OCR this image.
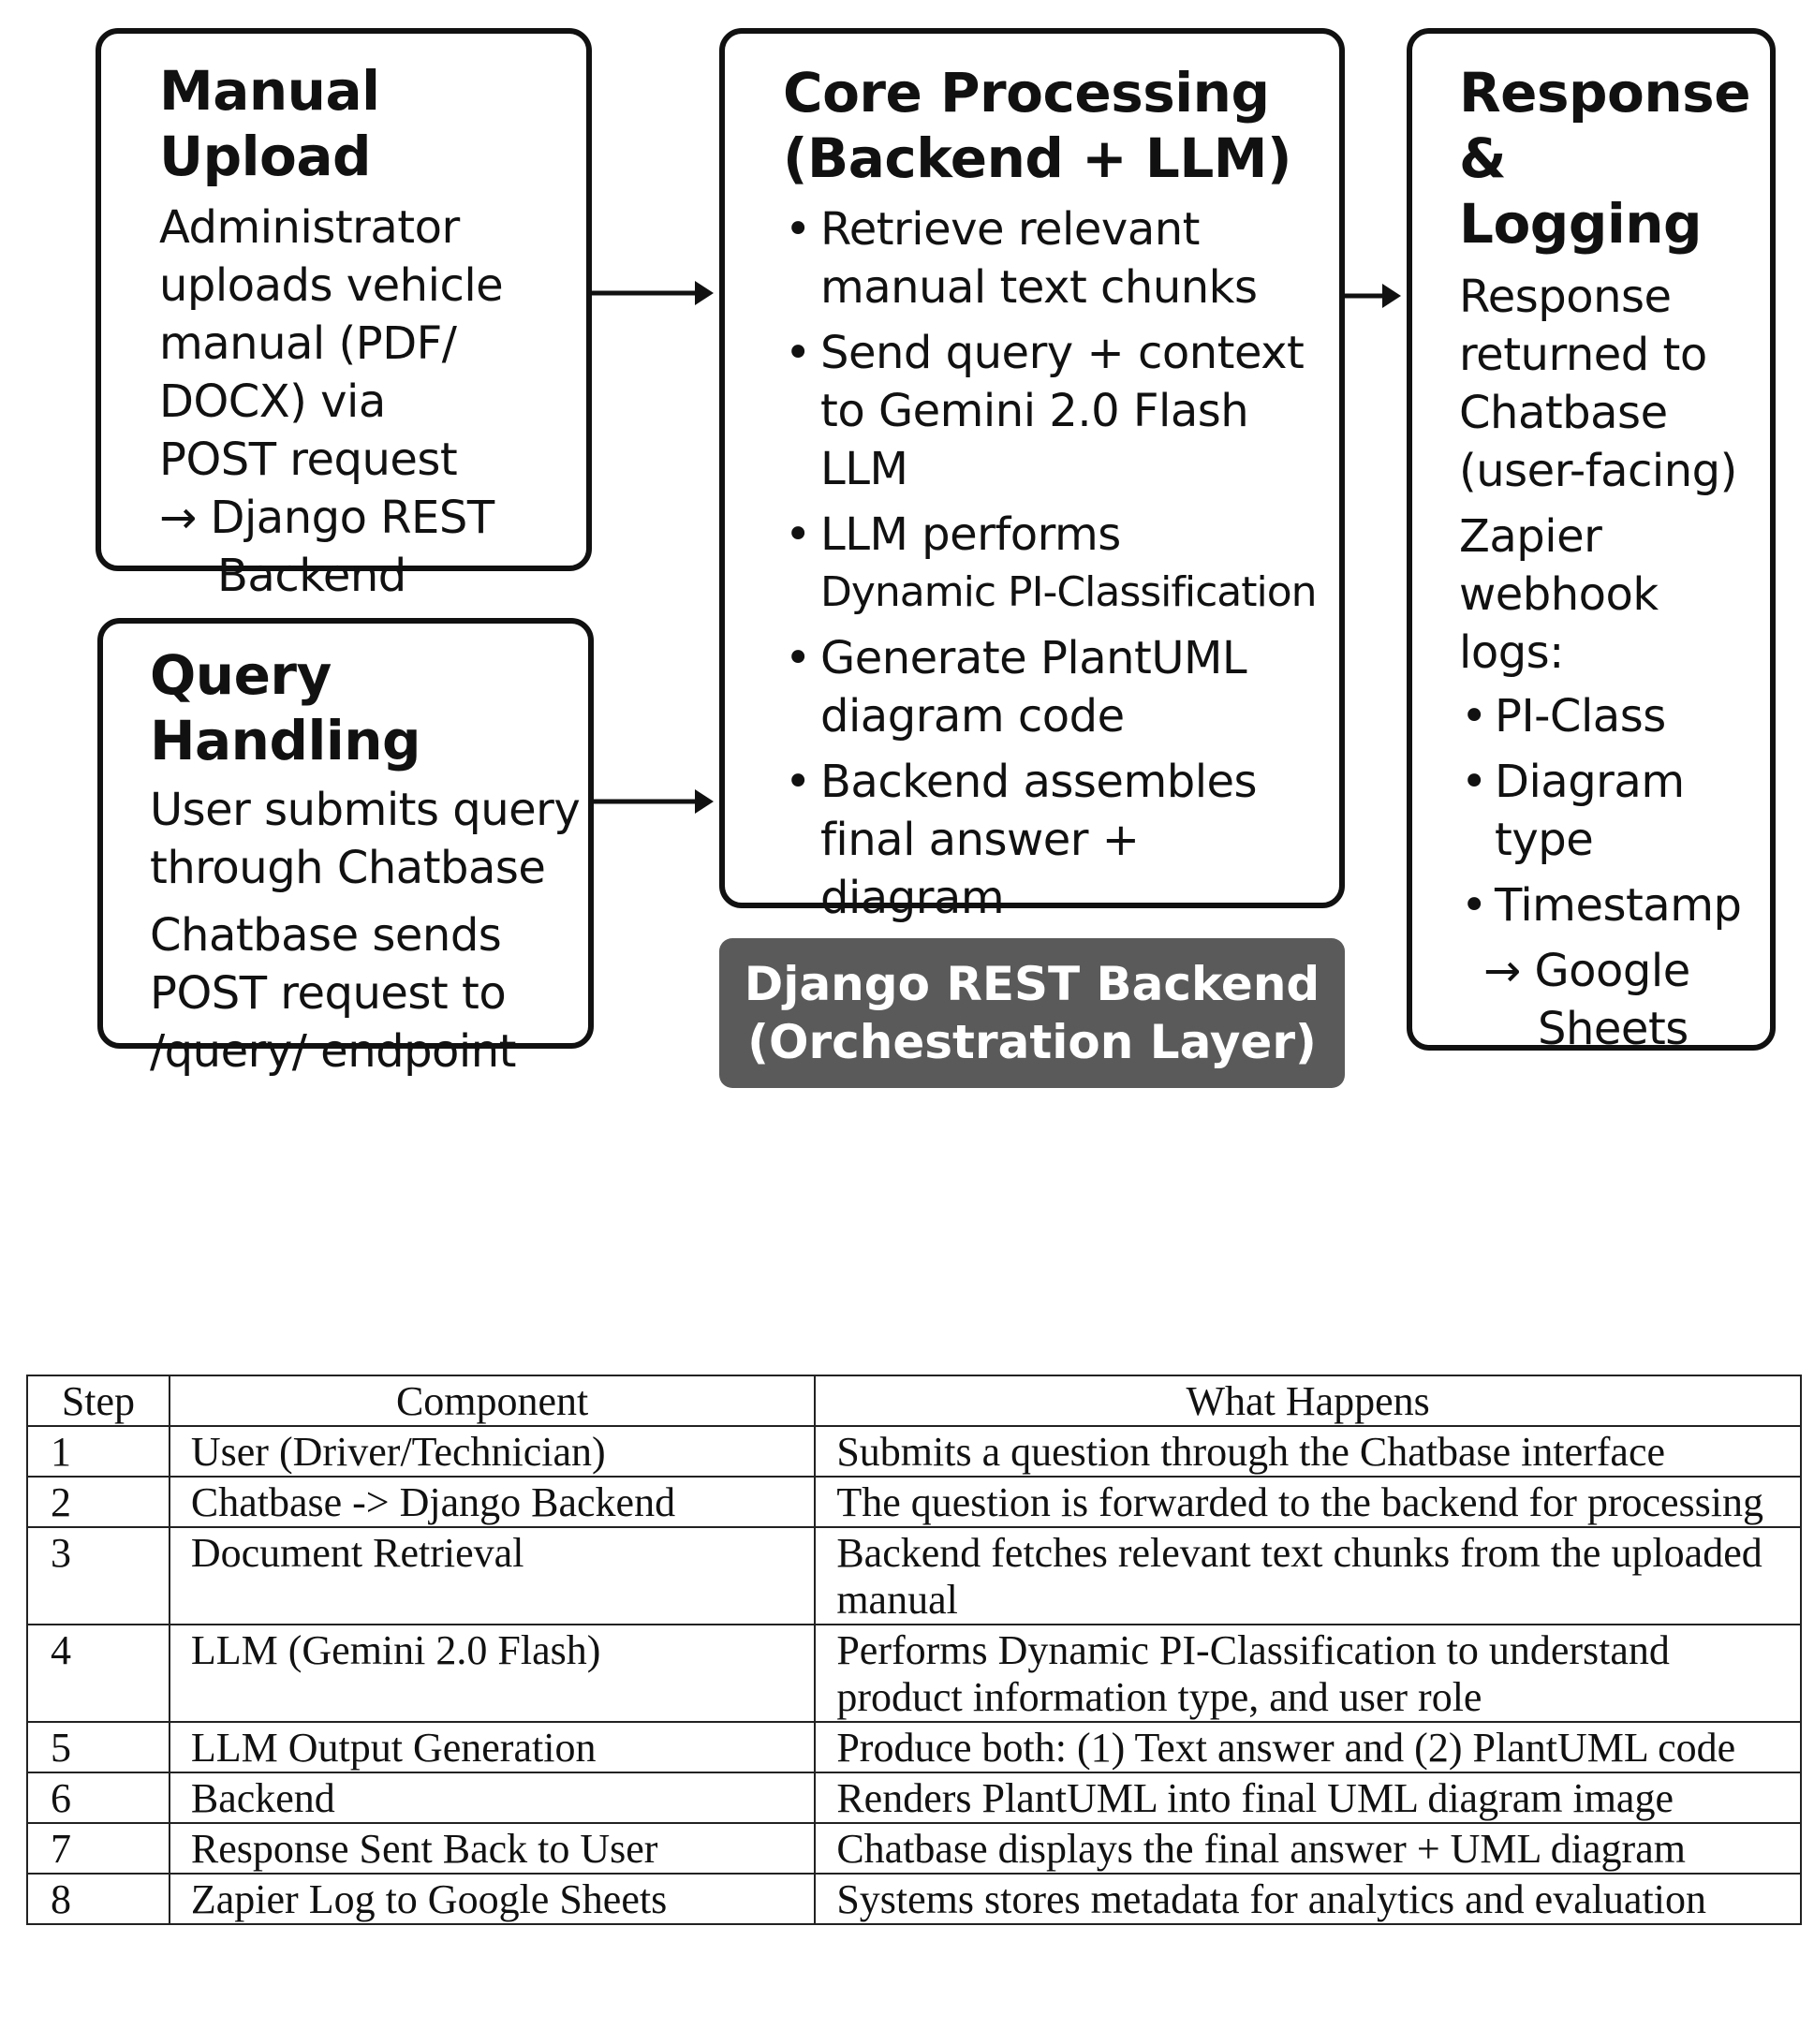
Manual Upload
Administrator
uploads vehicle
manual (PDF/
DOCX) via
POST request
→ Django REST
Backend
Query Handling
User submits query
through Chatbase
Chatbase sends
POST request to
/query/ endpoint
Core Processing
(Backend + LLM)
• Retrieve relevant
manual text chunks
• Send query + context
to Gemini 2.0 Flash
LLM
• LLM performs
Dynamic PI-Classification
• Generate PlantUML
diagram code
• Backend assembles
final answer + diagram
Django REST Backend
(Orchestration Layer)
Response
& Logging
Response
returned to
Chatbase
(user-facing)
Zapier
webhook
logs:
• PI-Class
• Diagram
type
• Timestamp
→ Google
Sheets
Step	Component	What Happens
1	User (Driver/Technician)	Submits a question through the Chatbase interface
2	Chatbase -> Django Backend	The question is forwarded to the backend for processing
3	Document Retrieval	Backend fetches relevant text chunks from the uploaded manual
4	LLM (Gemini 2.0 Flash)	Performs Dynamic PI-Classification to understand product information type, and user role
5	LLM Output Generation	Produce both: (1) Text answer and (2) PlantUML code
6	Backend	Renders PlantUML into final UML diagram image
7	Response Sent Back to User	Chatbase displays the final answer + UML diagram
8	Zapier Log to Google Sheets	Systems stores metadata for analytics and evaluation
